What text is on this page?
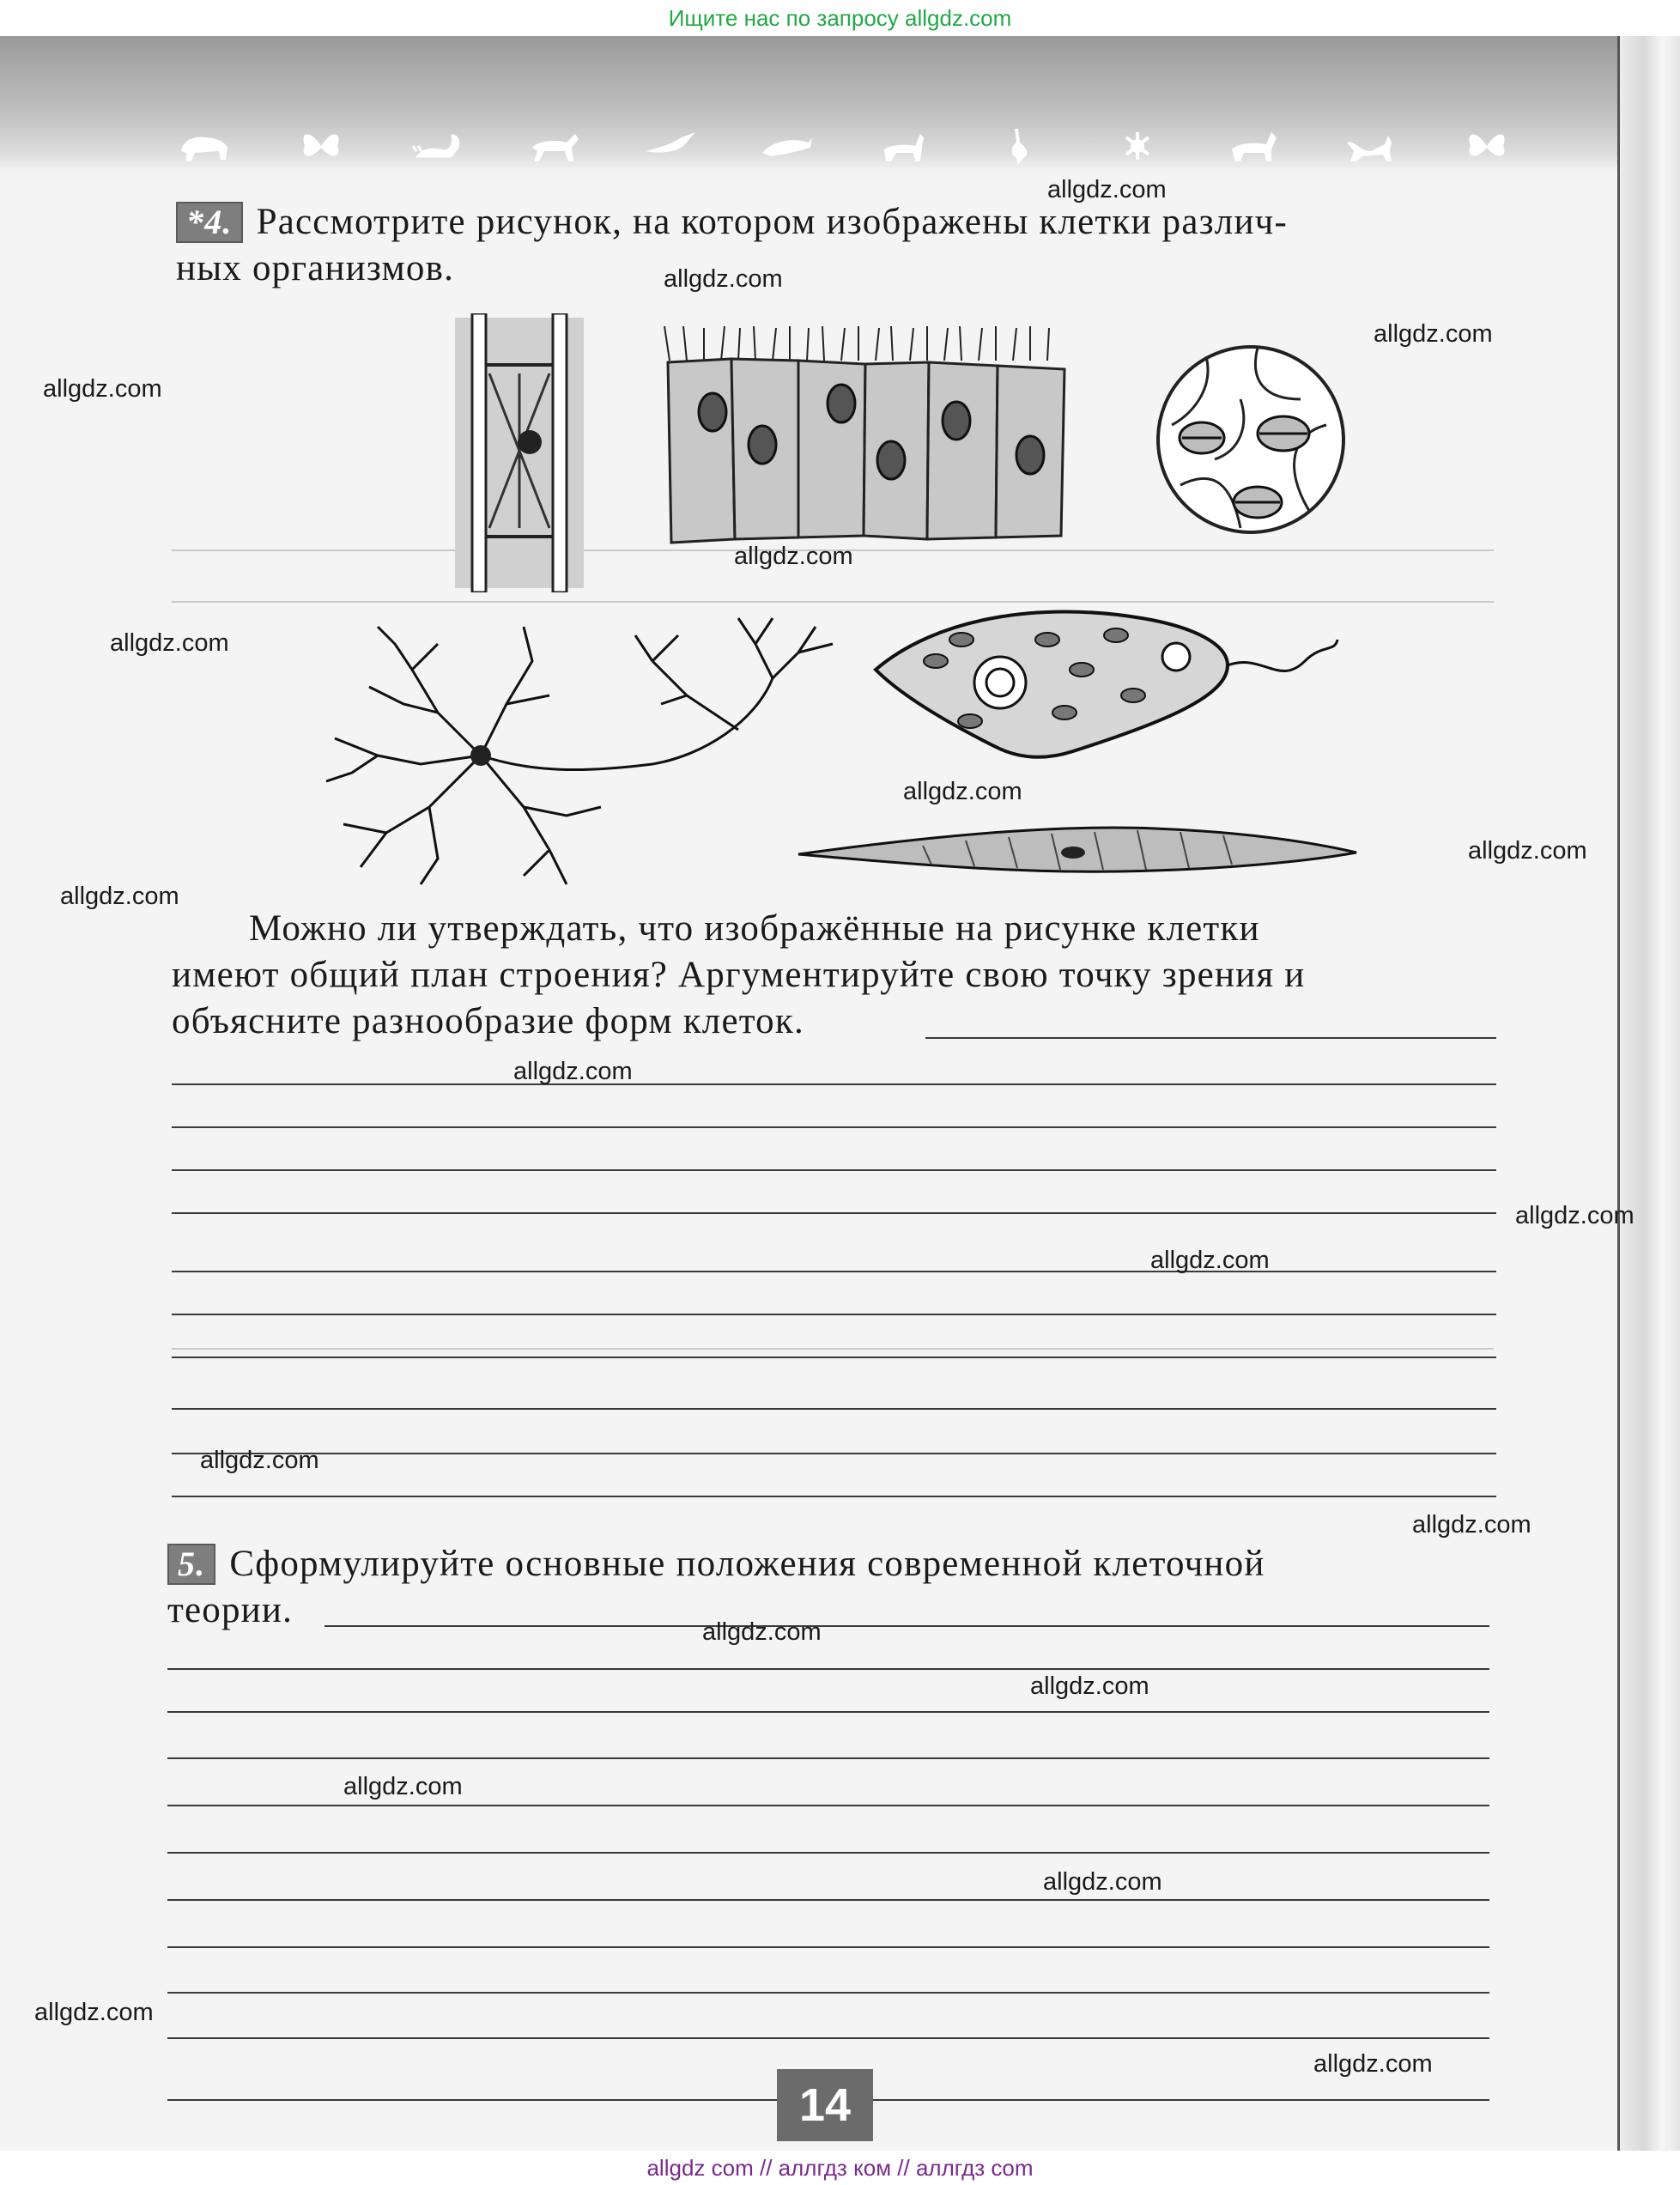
Ищите нас по запросу allgdz.com
*4. Рассмотрите рисунок, на котором изображены клетки различ-
ных организмов.
Можно ли утверждать, что изображённые на рисунке клетки
имеют общий план строения? Аргументируйте свою точку зрения и
объясните разнообразие форм клеток.
5. Сформулируйте основные положения современной клеточной
теории.
14
allgdz.com
allgdz.com
allgdz.com
allgdz.com
allgdz.com
allgdz.com
allgdz.com
allgdz.com
allgdz.com
allgdz.com
allgdz.com
allgdz.com
allgdz.com
allgdz.com
allgdz.com
allgdz.com
allgdz.com
allgdz.com
allgdz.com
allgdz.com
allgdz com // аллгдз ком // аллгдз com
